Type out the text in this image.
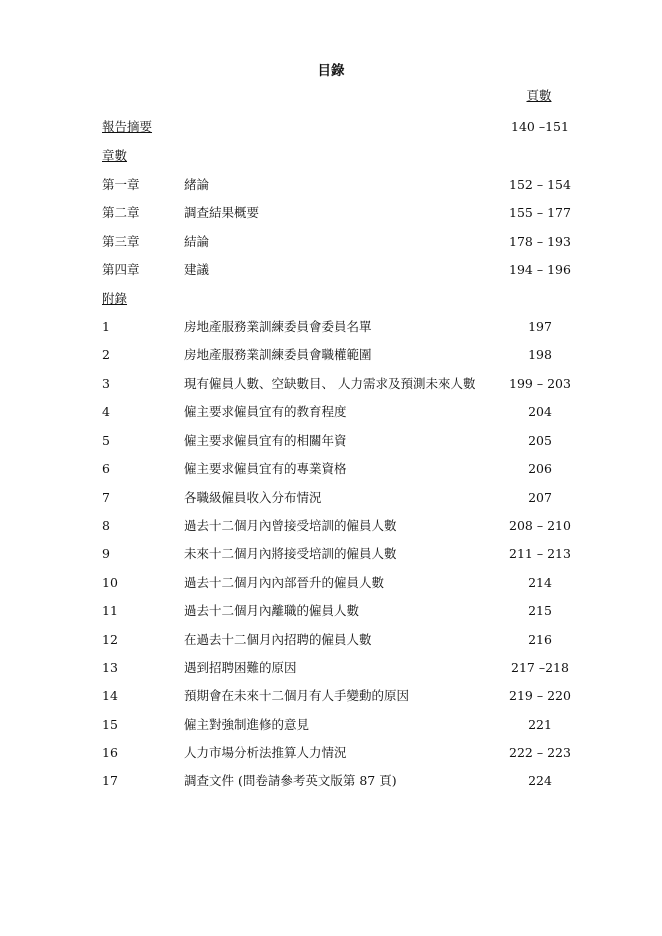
目錄
頁數
報告摘要	140 –151
章數
第一章	緒論	152 – 154
第二章	調查結果概要	155 – 177
第三章	結論	178 – 193
第四章	建議	194 – 196
附錄
1	房地產服務業訓練委員會委員名單	197
2	房地產服務業訓練委員會職權範圍	198
3	現有僱員人數、空缺數目、 人力需求及預測未來人數	199 – 203
4	僱主要求僱員宜有的教育程度	204
5	僱主要求僱員宜有的相關年資	205
6	僱主要求僱員宜有的專業資格	206
7	各職級僱員收入分布情況	207
8	過去十二個月內曾接受培訓的僱員人數	208 – 210
9	未來十二個月內將接受培訓的僱員人數	211 – 213
10	過去十二個月內內部晉升的僱員人數	214
11	過去十二個月內離職的僱員人數	215
12	在過去十二個月內招聘的僱員人數	216
13	遇到招聘困難的原因	217 –218
14	預期會在未來十二個月有人手變動的原因	219 – 220
15	僱主對強制進修的意見	221
16	人力市場分析法推算人力情況	222 – 223
17	調查文件 (問卷請參考英文版第 87 頁)	224
